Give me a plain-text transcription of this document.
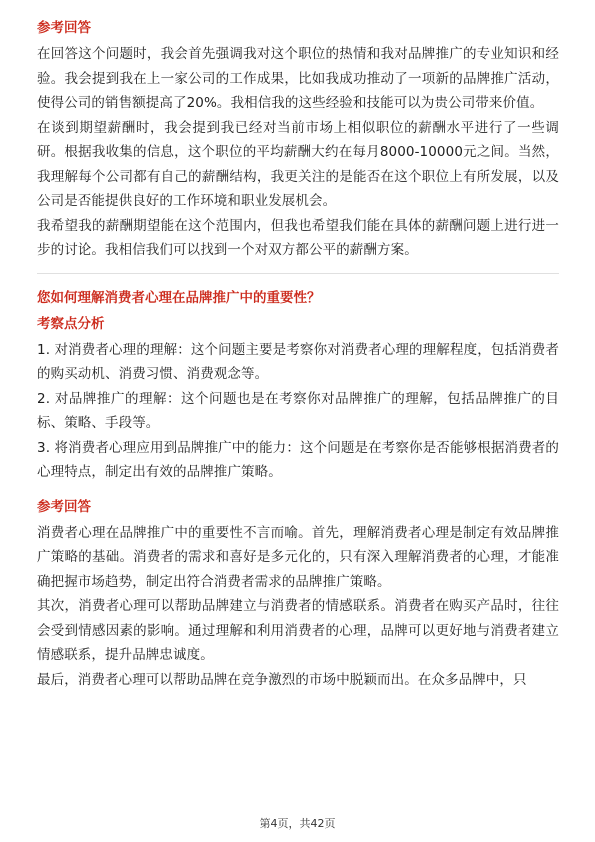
参考回答

在回答这个问题时，我会首先强调我对这个职位的热情和我对品牌推广的专业知识和经验。我会提到我在上一家公司的工作成果，比如我成功推动了一项新的品牌推广活动，使得公司的销售额提高了20%。我相信我的这些经验和技能可以为贵公司带来价值。

在谈到期望薪酬时，我会提到我已经对当前市场上相似职位的薪酬水平进行了一些调研。根据我收集的信息，这个职位的平均薪酬大约在每月8000-10000元之间。当然，我理解每个公司都有自己的薪酬结构，我更关注的是能否在这个职位上有所发展，以及公司是否能提供良好的工作环境和职业发展机会。

我希望我的薪酬期望能在这个范围内，但我也希望我们能在具体的薪酬问题上进行进一步的讨论。我相信我们可以找到一个对双方都公平的薪酬方案。

您如何理解消费者心理在品牌推广中的重要性？
考察点分析

1. 对消费者心理的理解：这个问题主要是考察你对消费者心理的理解程度，包括消费者的购买动机、消费习惯、消费观念等。

2. 对品牌推广的理解：这个问题也是在考察你对品牌推广的理解，包括品牌推广的目标、策略、手段等。

3. 将消费者心理应用到品牌推广中的能力：这个问题是在考察你是否能够根据消费者的心理特点，制定出有效的品牌推广策略。

参考回答

消费者心理在品牌推广中的重要性不言而喻。首先，理解消费者心理是制定有效品牌推广策略的基础。消费者的需求和喜好是多元化的，只有深入理解消费者的心理，才能准确把握市场趋势，制定出符合消费者需求的品牌推广策略。

其次，消费者心理可以帮助品牌建立与消费者的情感联系。消费者在购买产品时，往往会受到情感因素的影响。通过理解和利用消费者的心理，品牌可以更好地与消费者建立情感联系，提升品牌忠诚度。

最后，消费者心理可以帮助品牌在竞争激烈的市场中脱颖而出。在众多品牌中，只

第4页，共42页
